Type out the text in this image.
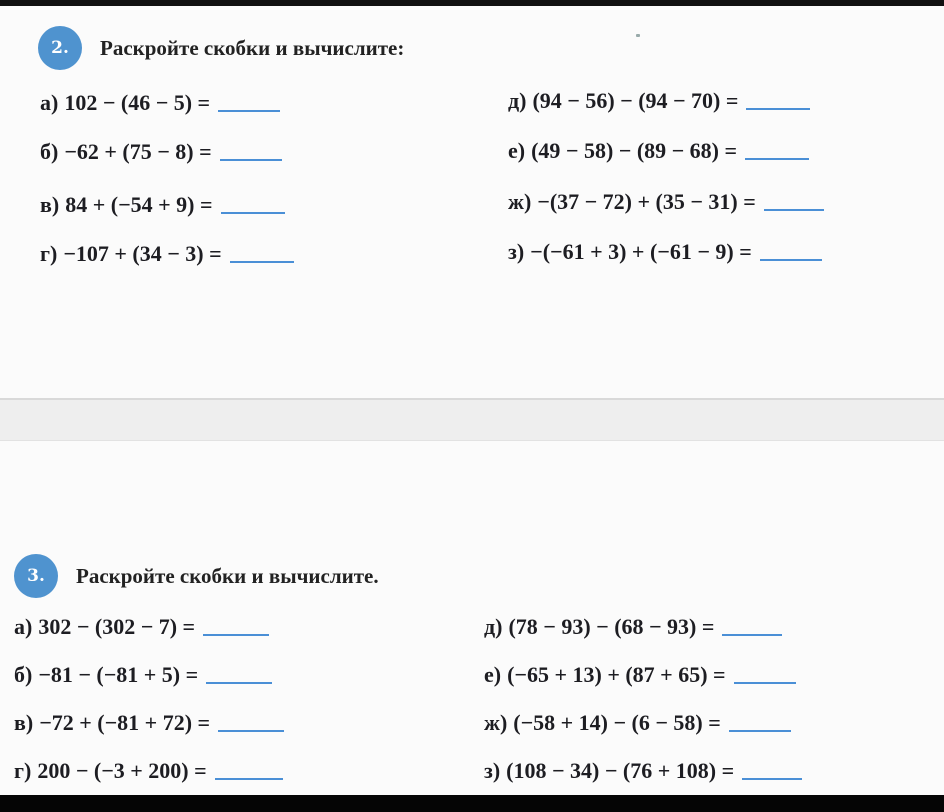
2.	Раскройте скобки и вычислите:
а) 102 − (46 − 5) =
б) −62 + (75 − 8) =
в) 84 + (−54 + 9) =
г) −107 + (34 − 3) =
д) (94 − 56) − (94 − 70) =
е) (49 − 58) − (89 − 68) =
ж) −(37 − 72) + (35 − 31) =
з) −(−61 + 3) + (−61 − 9) =
3.	Раскройте скобки и вычислите.
а) 302 − (302 − 7) =
б) −81 − (−81 + 5) =
в) −72 + (−81 + 72) =
г) 200 − (−3 + 200) =
д) (78 − 93) − (68 − 93) =
е) (−65 + 13) + (87 + 65) =
ж) (−58 + 14) − (6 − 58) =
з) (108 − 34) − (76 + 108) =
